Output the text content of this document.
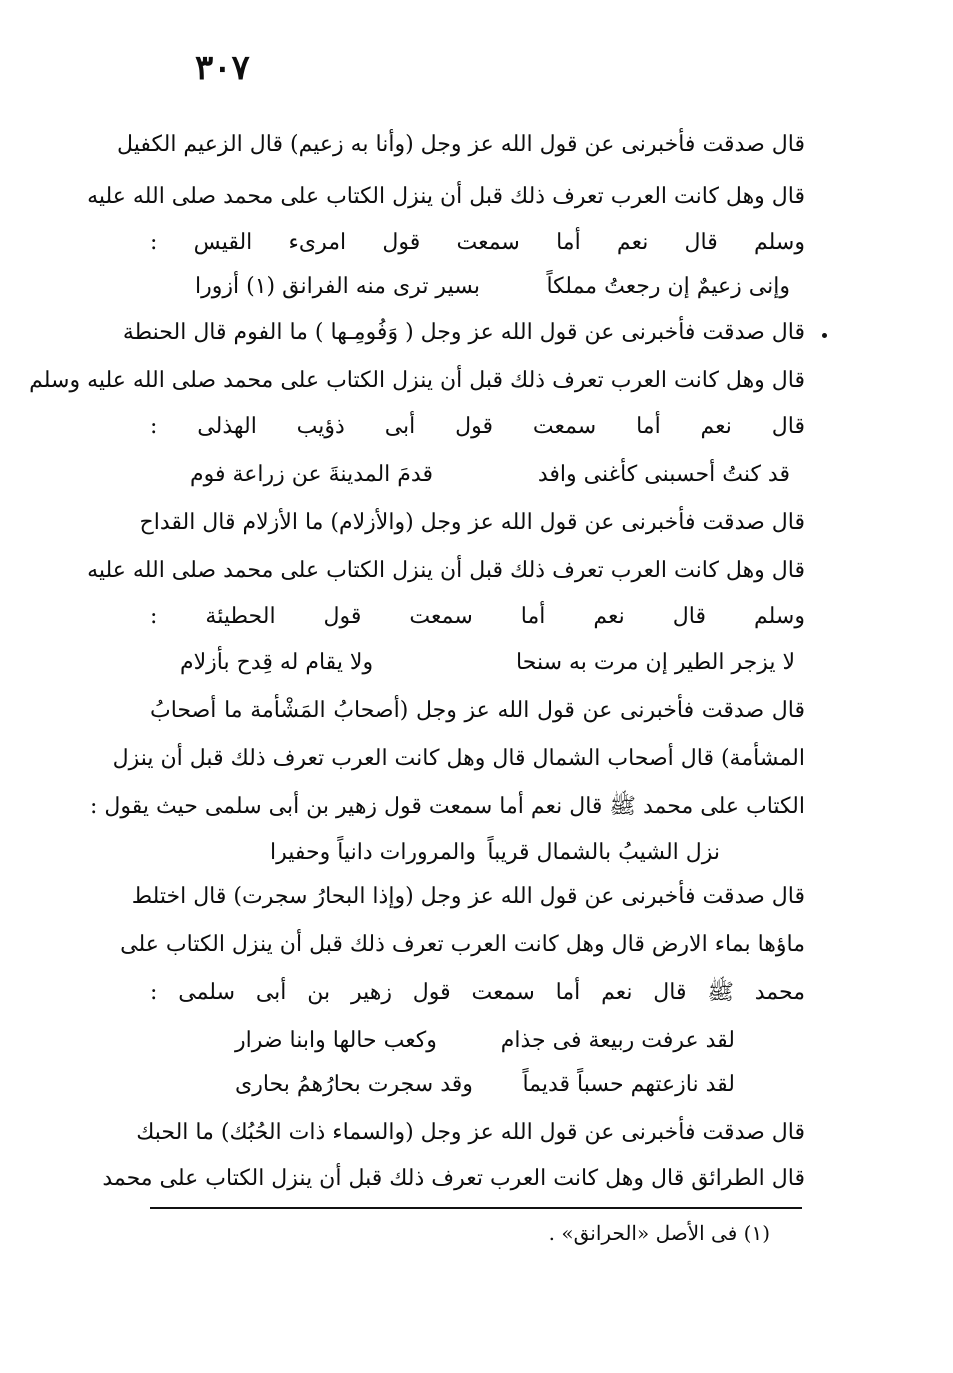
٣٠٧
قال صدقت فأخبرنى عن قول الله عز وجل (وأنا به زعيم) قال الزعيم الكفيل
قال وهل كانت العرب تعرف ذلك قبل أن ينزل الكتاب على محمد صلى الله عليه
وسلم قال نعم أما سمعت قول امرىء القيس :
وإنى زعيمٌ إن رجعتُ مملكاً
بسير ترى منه الفرانق (١) أزورا
قال صدقت فأخبرنى عن قول الله عز وجل ( وَفُومِـها ) ما الفوم قال الحنطة
قال وهل كانت العرب تعرف ذلك قبل أن ينزل الكتاب على محمد صلى الله عليه وسلم
قال نعم أما سمعت قول أبى ذؤيب الهذلى :
قد كنتُ أحسبنى كأغنى وافد
قدمَ المدينةَ عن زراعة فوم
قال صدقت فأخبرنى عن قول الله عز وجل (والأزلام) ما الأزلام قال القداح
قال وهل كانت العرب تعرف ذلك قبل أن ينزل الكتاب على محمد صلى الله عليه
وسلم قال نعم أما سمعت قول الحطيئة :
لا يزجر الطير إن مرت به سنحا
ولا يقام له قِدح بأزلام
قال صدقت فأخبرنى عن قول الله عز وجل (أصحابُ المَشْأمة ما أصحابُ
المشأمة) قال أصحاب الشمال قال وهل كانت العرب تعرف ذلك قبل أن ينزل
الكتاب على محمد ﷺ قال نعم أما سمعت قول زهير بن أبى سلمى حيث يقول :
نزل الشيبُ بالشمال قريباً
والمرورات دانياً وحفيرا
قال صدقت فأخبرنى عن قول الله عز وجل (وإذا البحارُ سجرت) قال اختلط
ماؤها بماء الارض قال وهل كانت العرب تعرف ذلك قبل أن ينزل الكتاب على
محمد ﷺ قال نعم أما سمعت قول زهير بن أبى سلمى :
لقد عرفت ربيعة فى جذام
وكعب حالها وابنا ضرار
لقد نازعتهم حسباً قديماً
وقد سجرت بحارُهمُ بحارى
قال صدقت فأخبرنى عن قول الله عز وجل (والسماء ذات الحُبُك) ما الحبك
قال الطرائق قال وهل كانت العرب تعرف ذلك قبل أن ينزل الكتاب على محمد
(١) فى الأصل «الحرانق» .
